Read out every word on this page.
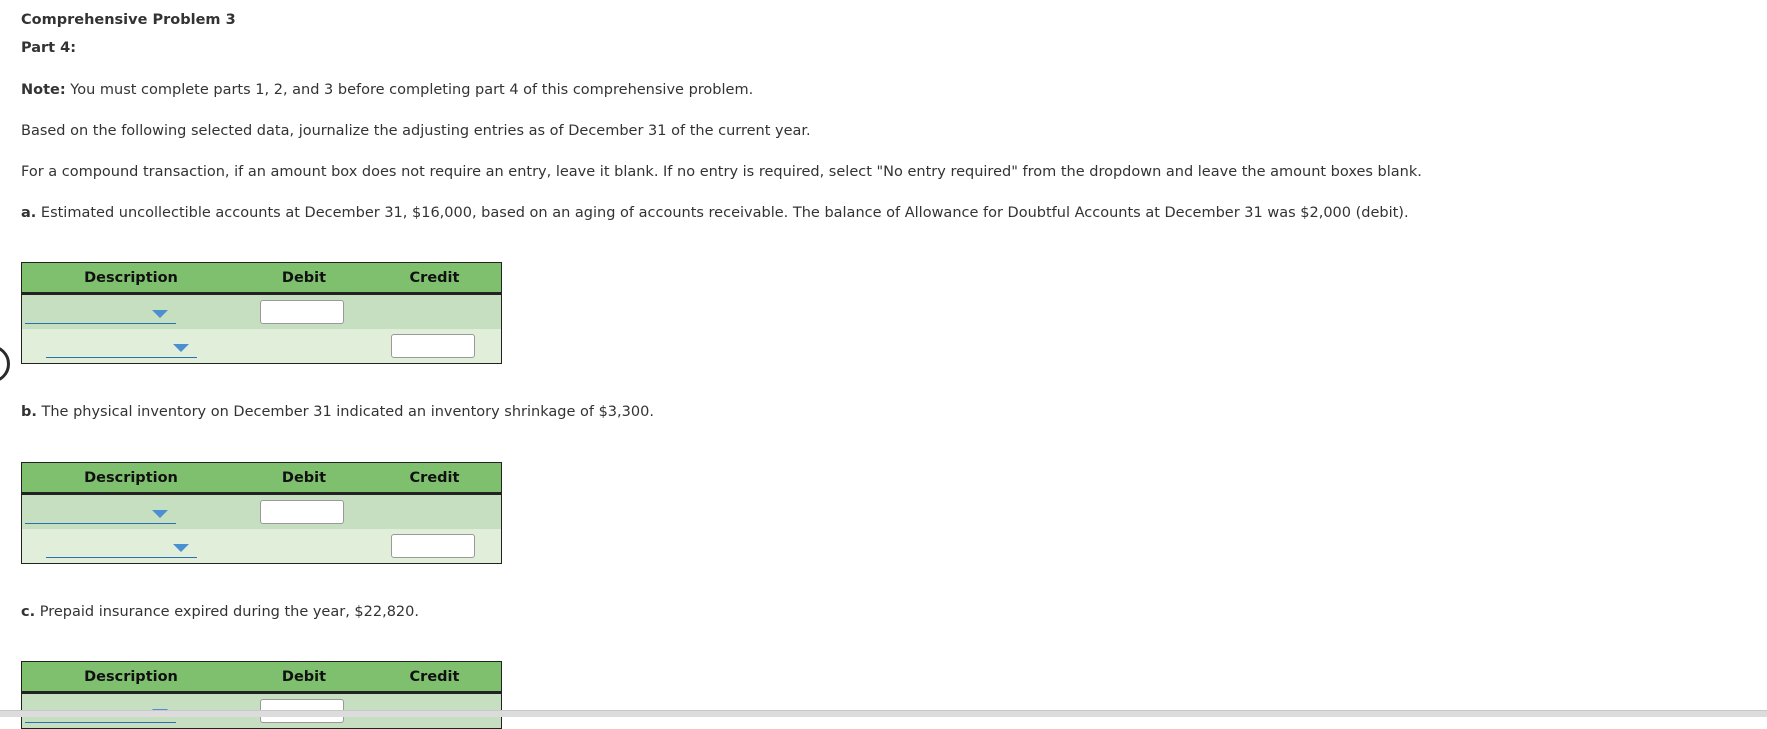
Comprehensive Problem 3

Part 4:

Note: You must complete parts 1, 2, and 3 before completing part 4 of this comprehensive problem.

Based on the following selected data, journalize the adjusting entries as of December 31 of the current year.

For a compound transaction, if an amount box does not require an entry, leave it blank. If no entry is required, select "No entry required" from the dropdown and leave the amount boxes blank.

a. Estimated uncollectible accounts at December 31, $16,000, based on an aging of accounts receivable. The balance of Allowance for Doubtful Accounts at December 31 was $2,000 (debit).

Description	Debit	Credit

b. The physical inventory on December 31 indicated an inventory shrinkage of $3,300.

Description	Debit	Credit

c. Prepaid insurance expired during the year, $22,820.

Description	Debit	Credit
